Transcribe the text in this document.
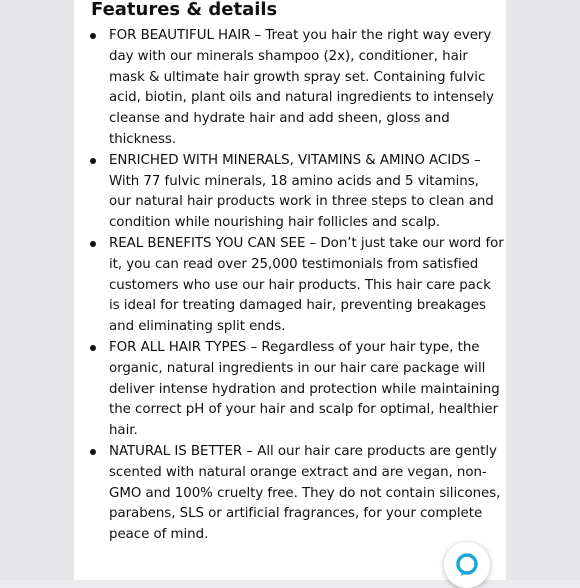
Features & details
FOR BEAUTIFUL HAIR – Treat you hair the right way every day with our minerals shampoo (2x), conditioner, hair mask & ultimate hair growth spray set. Containing fulvic acid, biotin, plant oils and natural ingredients to intensely cleanse and hydrate hair and add sheen, gloss and thickness.
ENRICHED WITH MINERALS, VITAMINS & AMINO ACIDS – With 77 fulvic minerals, 18 amino acids and 5 vitamins, our natural hair products work in three steps to clean and condition while nourishing hair follicles and scalp.
REAL BENEFITS YOU CAN SEE – Don’t just take our word for it, you can read over 25,000 testimonials from satisfied customers who use our hair products. This hair care pack is ideal for treating damaged hair, preventing breakages and eliminating split ends.
FOR ALL HAIR TYPES – Regardless of your hair type, the organic, natural ingredients in our hair care package will deliver intense hydration and protection while maintaining the correct pH of your hair and scalp for optimal, healthier hair.
NATURAL IS BETTER – All our hair care products are gently scented with natural orange extract and are vegan, non-GMO and 100% cruelty free. They do not contain silicones, parabens, SLS or artificial fragrances, for your complete peace of mind.
